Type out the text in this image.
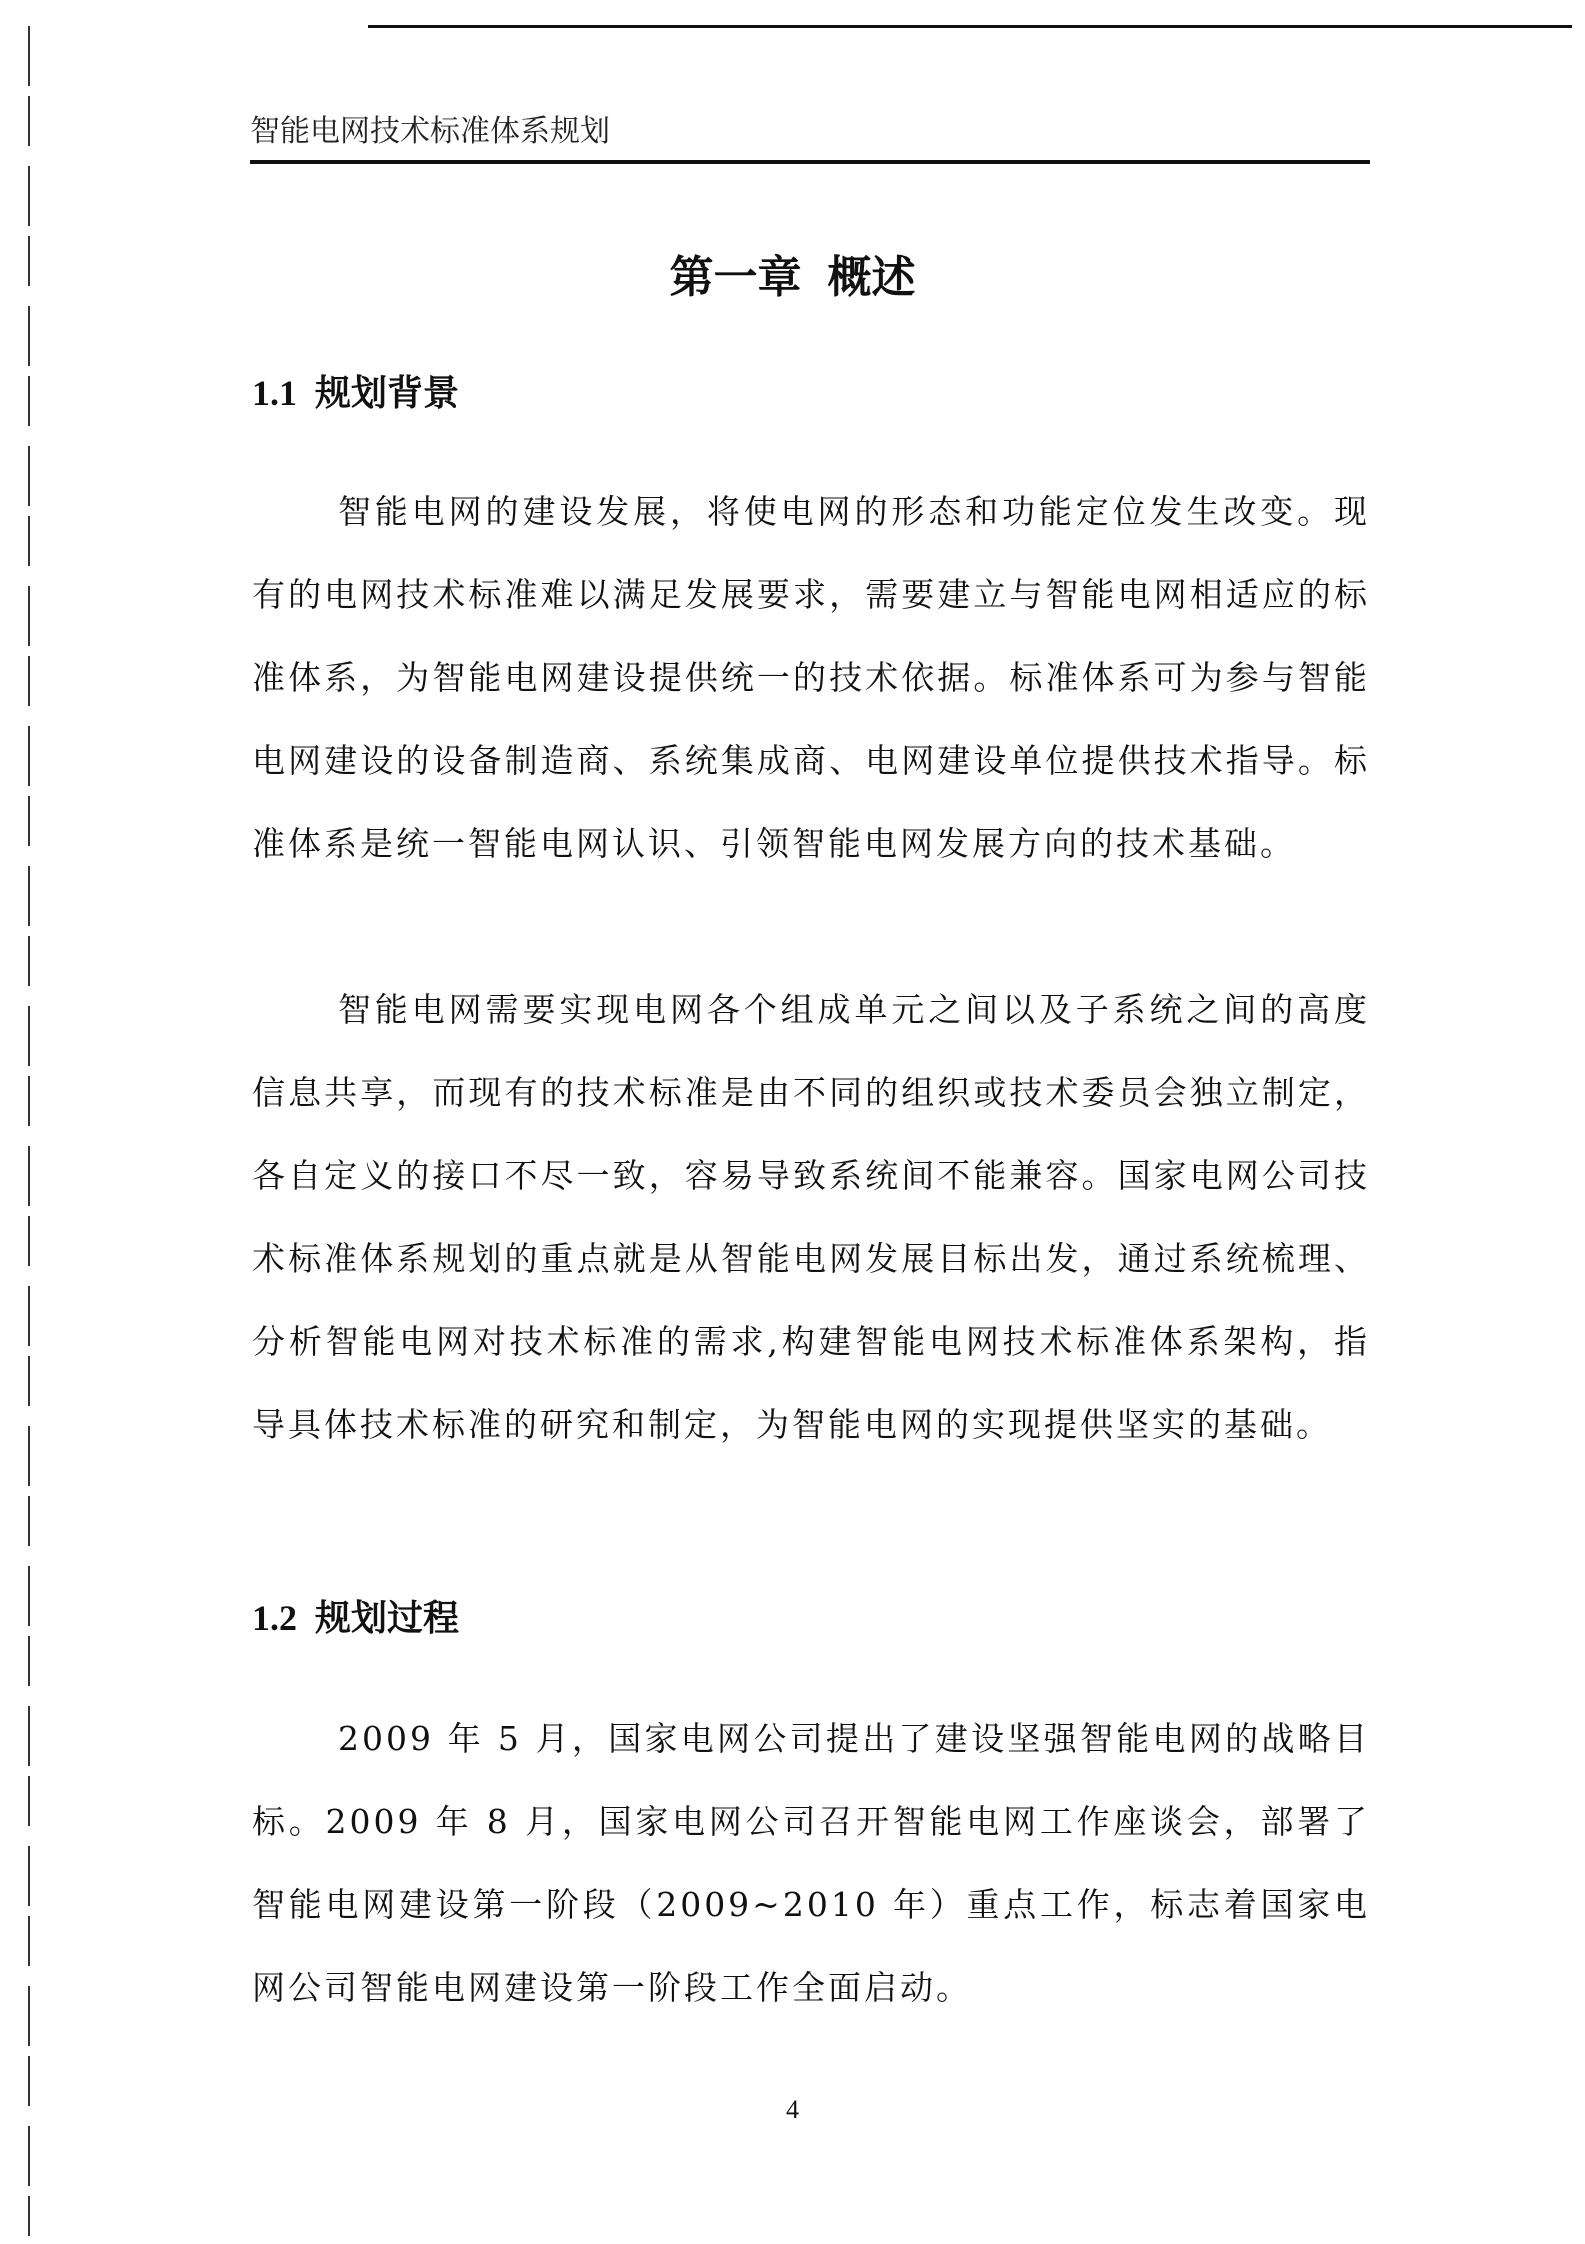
智能电网技术标准体系规划
第一章 概述
1.1 规划背景

智能电网的建设发展，将使电网的形态和功能定位发生改变。现有的电网技术标准难以满足发展要求，需要建立与智能电网相适应的标准体系，为智能电网建设提供统一的技术依据。标准体系可为参与智能电网建设的设备制造商、系统集成商、电网建设单位提供技术指导。标准体系是统一智能电网认识、引领智能电网发展方向的技术基础。

智能电网需要实现电网各个组成单元之间以及子系统之间的高度信息共享，而现有的技术标准是由不同的组织或技术委员会独立制定，各自定义的接口不尽一致，容易导致系统间不能兼容。国家电网公司技术标准体系规划的重点就是从智能电网发展目标出发，通过系统梳理、分析智能电网对技术标准的需求,构建智能电网技术标准体系架构，指导具体技术标准的研究和制定，为智能电网的实现提供坚实的基础。

1.2 规划过程

2009 年 5 月，国家电网公司提出了建设坚强智能电网的战略目标。2009 年 8 月，国家电网公司召开智能电网工作座谈会，部署了智能电网建设第一阶段（2009~2010 年）重点工作，标志着国家电网公司智能电网建设第一阶段工作全面启动。

4
